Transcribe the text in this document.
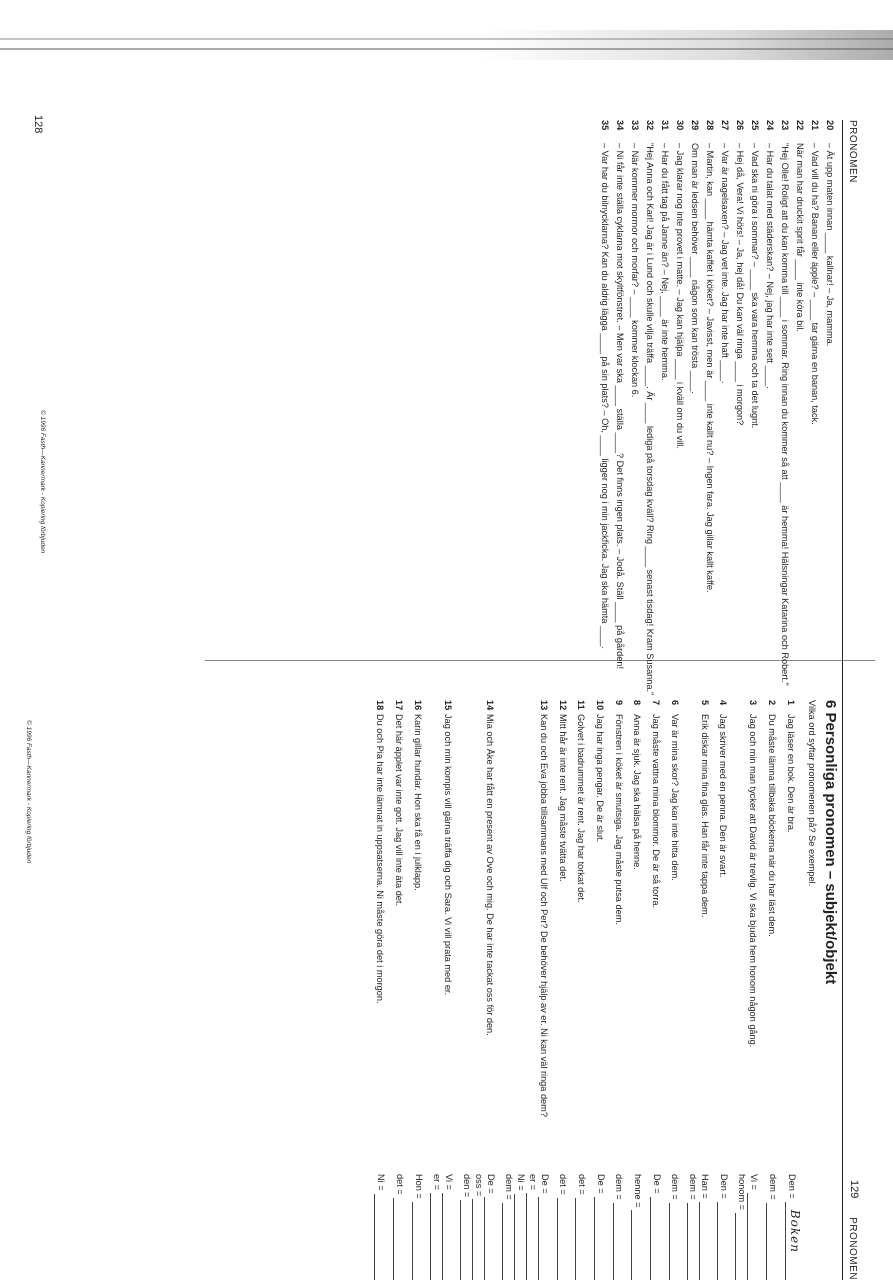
PRONOMEN
20
– Ät upp maten innan ____ kallnar! – Ja, mamma.
21
– Vad vill du ha? Banan eller äpple? – ____ tar gärna en banan, tack.
22
När man har druckit sprit får ____ inte köra bil.
23
"Hej Olle! Roligt att du kan komma till ____ i sommar. Ring innan du kommer så att ____ är hemma! Hälsningar Katarina och Robert."
24
– Har du talat med städerskan? – Nej, jag har inte sett ____.
25
– Vad ska ni göra i sommar? – ____ ska vara hemma och ta det lugnt.
26
– Hej då, Vera! Vi hörs! – Ja, hej då! Du kan väl ringa ____ i morgon?
27
– Var är nagelsaxen? – Jag vet inte. Jag har inte haft ____.
28
– Martin, kan ____ hämta kaffet i köket? – Javisst, men är ____ inte kallt nu? – Ingen fara. Jag gillar kallt kaffe.
29
Om man är ledsen behöver ____ någon som kan trösta ____.
30
– Jag klarar nog inte provet i matte. – Jag kan hjälpa ____ i kväll om du vill.
31
– Har du fått tag på Janne än? – Nej, ____ är inte hemma.
32
"Hej Anna och Karl! Jag är i Lund och skulle vilja träffa ____. Är ____ lediga på torsdag kväll? Ring ____ senast tisdag! Kram Susanna."
33
– När kommer mormor och morfar? – ____ kommer klockan 6.
34
– Ni får inte ställa cyklarna mot skyltfönstret. – Men var ska ____ ställa ____? Det finns ingen plats. – Jodå. Ställ ____ på gården!
35
– Var har du bilnycklarna? Kan du aldrig lägga ____ på sin plats? – Oh, ____ ligger nog i min jackficka. Jag ska hämta ____.
128
© 1996 Fasth—Kannermark - Kopiering förbjuden
PRONOMEN
6 Personliga pronomen – subjekt/objekt
Vilka ord syftar pronomenen på? Se exempel.
1
Jag läser en bok. Den är bra.
Den =
Boken
2
Du måste lämna tillbaka böckerna när du har läst dem.
dem =
3
Jag och min man tycker att David är trevlig. Vi ska bjuda hem honom någon gång.
Vi =
honom =
4
Jag skriver med en penna. Den är svart.
Den =
5
Erik diskar mina fina glas. Han får inte tappa dem.
Han =
dem =
6
Var är mina skor? Jag kan inte hitta dem.
dem =
7
Jag måste vattna mina blommor. De är så torra.
De =
8
Anna är sjuk. Jag ska hälsa på henne.
henne =
9
Fönstren i köket är smutsiga. Jag måste putsa dem.
dem =
10
Jag har inga pengar. De är slut.
De =
11
Golvet i badrummet är rent. Jag har torkat det.
det =
12
Mitt hår är inte rent. Jag måste tvätta det.
det =
13
Kan du och Eva jobba tillsammans med Ulf och Per? De behöver hjälp av er. Ni kan väl ringa dem?
De =
er =
Ni =
dem =
14
Mia och Åke har fått en present av Ove och mig. De har inte tackat oss för den.
De =
oss =
den =
15
Jag och min kompis vill gärna träffa dig och Sara. Vi vill prata med er.
Vi =
er =
16
Karin gillar hundar. Hon ska få en i julklapp.
Hon =
17
Det här äpplet var inte gott. Jag vill inte äta det.
det =
18
Du och Pia har inte lämnat in uppsatserna. Ni måste göra det i morgon.
Ni =	129
© 1996 Fasth—Kannermark - Kopiering förbjuden
